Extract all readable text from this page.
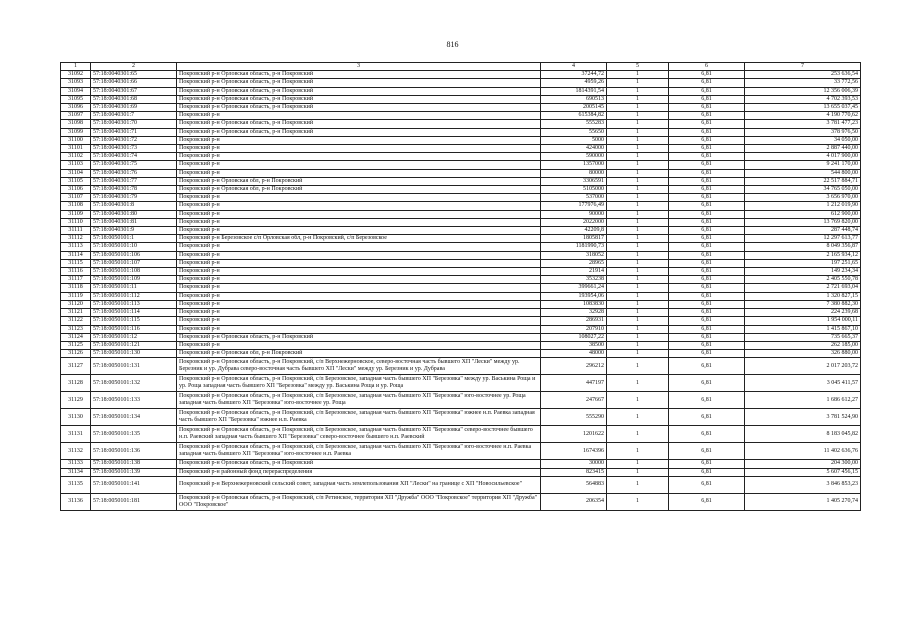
816
1	2	3	4	5	6	7
31092	57:18:0040301:65	Покровский р-н Орловская область, р-н Покровский	37244,72	1	6,81	253 636,54
31093	57:18:0040301:66	Покровский р-н Орловская область, р-н Покровский	4959,26	1	6,81	33 772,56
31094	57:18:0040301:67	Покровский р-н Орловская область, р-н Покровский	1814391,54	1	6,81	12 356 006,39
31095	57:18:0040301:68	Покровский р-н Орловская область, р-н Покровский	690513	1	6,81	4 702 393,53
31096	57:18:0040301:69	Покровский р-н Орловская область, р-н Покровский	2005145	1	6,81	13 655 037,45
31097	57:18:0040301:7	Покровский р-н	615384,82	1	6,81	4 190 770,62
31098	57:18:0040301:70	Покровский р-н Орловская область, р-н Покровский	555283	1	6,81	3 781 477,23
31099	57:18:0040301:71	Покровский р-н Орловская область, р-н Покровский	55650	1	6,81	378 976,50
31100	57:18:0040301:72	Покровский р-н	5000	1	6,81	34 050,00
31101	57:18:0040301:73	Покровский р-н	424000	1	6,81	2 887 440,00
31102	57:18:0040301:74	Покровский р-н	590000	1	6,81	4 017 900,00
31103	57:18:0040301:75	Покровский р-н	1357000	1	6,81	9 241 170,00
31104	57:18:0040301:76	Покровский р-н	80000	1	6,81	544 800,00
31105	57:18:0040301:77	Покровский р-н Орловская обл, р-н Покровский	3306591	1	6,81	22 517 884,71
31106	57:18:0040301:78	Покровский р-н Орловская обл, р-н Покровский	5105000	1	6,81	34 765 050,00
31107	57:18:0040301:79	Покровский р-н	537000	1	6,81	3 656 970,00
31108	57:18:0040301:8	Покровский р-н	177976,49	1	6,81	1 212 019,90
31109	57:18:0040301:80	Покровский р-н	90000	1	6,81	612 900,00
31110	57:18:0040301:81	Покровский р-н	2022000	1	6,81	13 769 820,00
31111	57:18:0040301:9	Покровский р-н	42209,8	1	6,81	287 448,74
31112	57:18:0050101:1	Покровский р-н Березовское с/п Орловская обл, р-н Покровский, с/п Березовское	1805817	1	6,81	12 297 613,77
31113	57:18:0050101:10	Покровский р-н	1181990,73	1	6,81	8 049 356,87
31114	57:18:0050101:106	Покровский р-н	318052	1	6,81	2 165 934,12
31115	57:18:0050101:107	Покровский р-н	28965	1	6,81	197 251,65
31116	57:18:0050101:108	Покровский р-н	21914	1	6,81	149 234,34
31117	57:18:0050101:109	Покровский р-н	353238	1	6,81	2 405 550,78
31118	57:18:0050101:11	Покровский р-н	399661,24	1	6,81	2 721 693,04
31119	57:18:0050101:112	Покровский р-н	193954,06	1	6,81	1 320 827,15
31120	57:18:0050101:113	Покровский р-н	1083830	1	6,81	7 380 882,30
31121	57:18:0050101:114	Покровский р-н	32928	1	6,81	224 239,68
31122	57:18:0050101:115	Покровский р-н	286931	1	6,81	1 954 000,11
31123	57:18:0050101:116	Покровский р-н	207910	1	6,81	1 415 867,10
31124	57:18:0050101:12	Покровский р-н Орловская область, р-н Покровский	108027,22	1	6,81	735 665,37
31125	57:18:0050101:121	Покровский р-н	38500	1	6,81	262 185,00
31126	57:18:0050101:130	Покровский р-н Орловская обл, р-н Покровский	48000	1	6,81	326 880,00
31127	57:18:0050101:131	Покровский р-н Орловская область, р-н Покровский, с/п Верхнежерновское, северо-восточная часть бывшего ХП "Лески" между ур. Березник и ур. Дубрава северо-восточная часть бывшего ХП "Лески" между ур. Березник и ур. Дубрава	296212	1	6,81	2 017 203,72
31128	57:18:0050101:132	Покровский р-н Орловская область, р-н Покровский, с/п Березовское, западная часть бывшего ХП "Березовка" между ур. Васькина Роща и ур. Роща западная часть бывшего ХП "Березовка" между ур. Васькина Роща и ур. Роща	447197	1	6,81	3 045 411,57
31129	57:18:0050101:133	Покровский р-н Орловская область, р-н Покровский, с/п Березовское, западная часть бывшего ХП "Березовка" юго-восточнее ур. Роща западная часть бывшего ХП "Березовка" юго-восточнее ур. Роща	247667	1	6,81	1 686 612,27
31130	57:18:0050101:134	Покровский р-н Орловская область, р-н Покровский, с/п Березовское, западная часть бывшего ХП "Березовка" южнее н.п. Раевка западная часть бывшего ХП "Березовка" южнее н.п. Раевка	555290	1	6,81	3 781 524,90
31131	57:18:0050101:135	Покровский р-н Орловская область, р-н Покровский, с/п Березовское, западная часть бывшего ХП "Березовка" северо-восточнее бывшего н.п. Раевский западная часть бывшего ХП "Березовка" северо-восточнее бывшего н.п. Раевский	1201622	1	6,81	8 183 045,82
31132	57:18:0050101:136	Покровский р-н Орловская область, р-н Покровский, с/п Березовское, западная часть бывшего ХП "Березовка" юго-восточнее н.п. Раевка западная часть бывшего ХП "Березовка" юго-восточнее н.п. Раевка	1674396	1	6,81	11 402 636,76
31133	57:18:0050101:138	Покровский р-н Орловская область, р-н Покровский	30000	1	6,81	204 300,00
31134	57:18:0050101:139	Покровский р-н районный фонд перераспределения	823415	1	6,81	5 607 456,15
31135	57:18:0050101:141	Покровский р-н Верхнежерновский сельский совет, западная часть землепользования ХП "Лески" на границе с ХП "Новосильевское"	564883	1	6,81	3 846 853,23
31136	57:18:0050101:181	Покровский р-н Орловская область, р-н Покровский, с/п Ретинское, территория ХП "Дружба" ООО "Покровское" территория ХП "Дружба" ООО "Покровское"	206354	1	6,81	1 405 270,74
